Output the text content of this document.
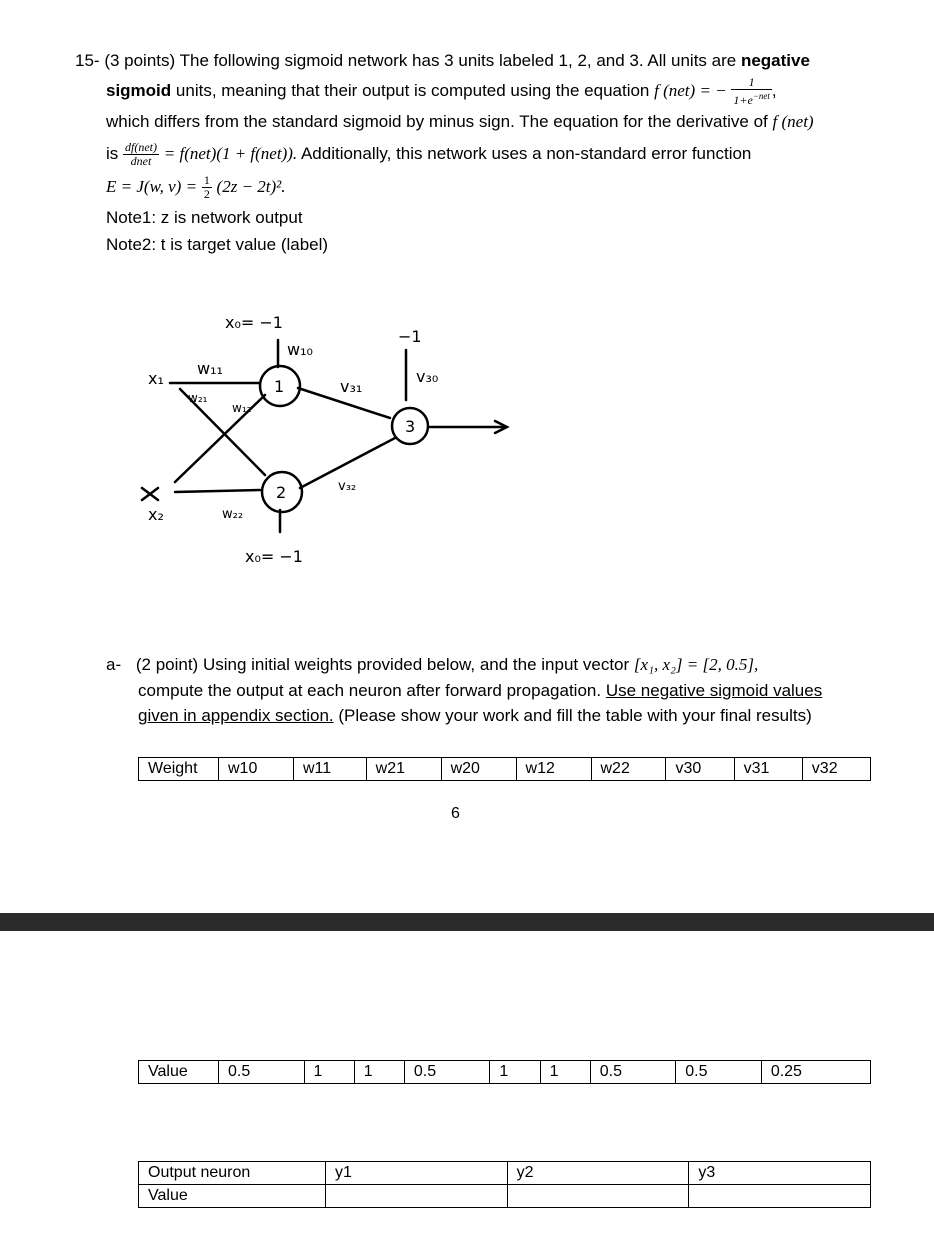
15- (3 points) The following sigmoid network has 3 units labeled 1, 2, and 3. All units are negative
sigmoid units, meaning that their output is computed using the equation f (net) = − $\frac{1}{1+e^{-net}}$ ,
which differs from the standard sigmoid by minus sign. The equation for the derivative of f (net)
is $\frac{\text{df(net)}}{\text{dnet}} = f(net)(1 + f(net))$. Additionally, this network uses a non-standard error function
E = J(w, $v) = \frac{1}{2} (2z - 2t)^2$.
Note1: z is network output
Note2: t is target value (label)
1
2
3
x₀= −1
x₀= −1
x₁
x₂
w₁₀
w₁₁
w₂₁
w₁₂
w₂₂
v₃₁
v₃₂
v₃₀
−1
a- (2 point) Using initial weights provided below, and the input vector [x₁, x₂] = [2, 0.5],
compute the output at each neuron after forward propagation. Use negative sigmoid values
given in appendix section. (Please show your work and fill the table with your final results)
Weight	w10	w11	w21	w20	w12	w22	v30	v31	v32
6
Value	0.5	1	1	0.5	1	1	0.5	0.5	0.25
Output neuron	y1	y2	y3
Value			
